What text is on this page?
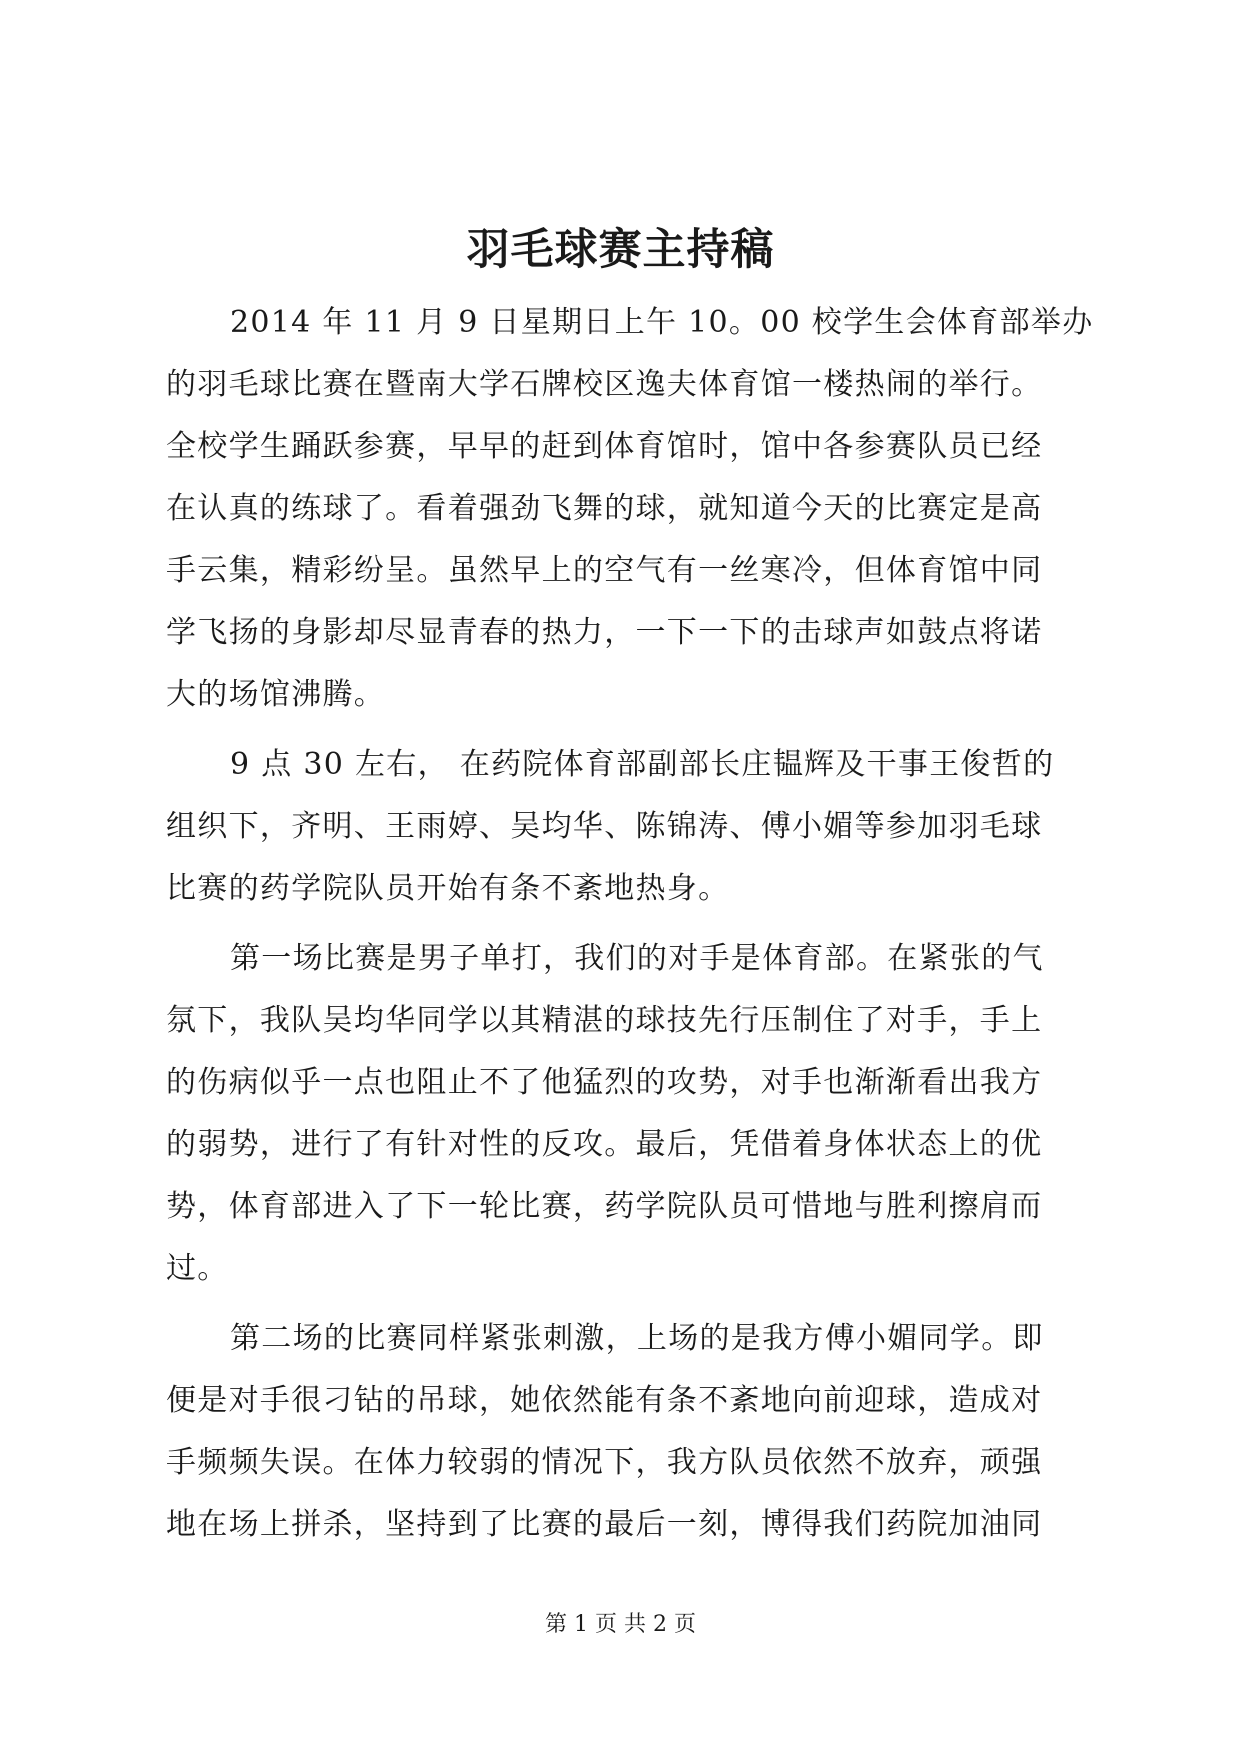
羽毛球赛主持稿
2014 年 11 月 9 日星期日上午 10。00 校学生会体育部举办
的羽毛球比赛在暨南大学石牌校区逸夫体育馆一楼热闹的举行。
全校学生踊跃参赛，早早的赶到体育馆时，馆中各参赛队员已经
在认真的练球了。看着强劲飞舞的球，就知道今天的比赛定是高
手云集，精彩纷呈。虽然早上的空气有一丝寒冷，但体育馆中同
学飞扬的身影却尽显青春的热力，一下一下的击球声如鼓点将诺
大的场馆沸腾。
9 点 30 左右， 在药院体育部副部长庄韫辉及干事王俊哲的
组织下，齐明、王雨婷、吴均华、陈锦涛、傅小媚等参加羽毛球
比赛的药学院队员开始有条不紊地热身。
第一场比赛是男子单打，我们的对手是体育部。在紧张的气
氛下，我队吴均华同学以其精湛的球技先行压制住了对手，手上
的伤病似乎一点也阻止不了他猛烈的攻势，对手也渐渐看出我方
的弱势，进行了有针对性的反攻。最后，凭借着身体状态上的优
势，体育部进入了下一轮比赛，药学院队员可惜地与胜利擦肩而
过。
第二场的比赛同样紧张刺激，上场的是我方傅小媚同学。即
便是对手很刁钻的吊球，她依然能有条不紊地向前迎球，造成对
手频频失误。在体力较弱的情况下，我方队员依然不放弃，顽强
地在场上拼杀，坚持到了比赛的最后一刻，博得我们药院加油同
第 1 页 共 2 页
